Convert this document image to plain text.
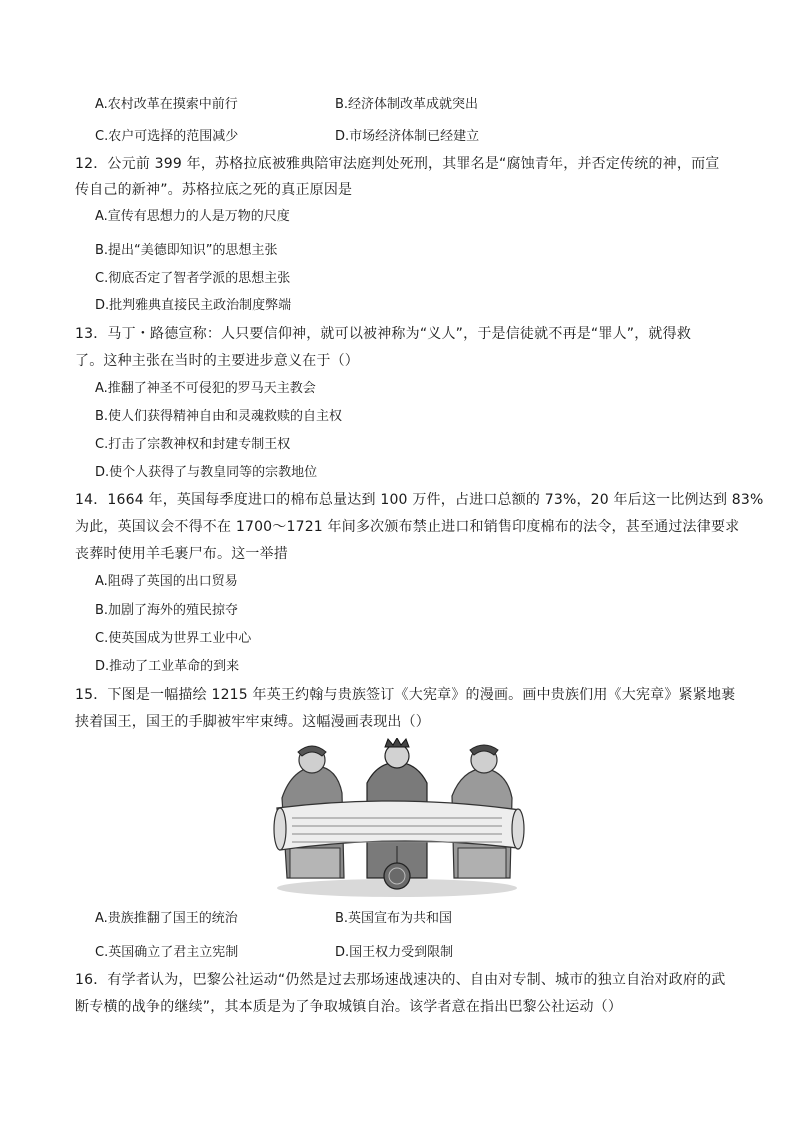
A.农村改革在摸索中前行	B.经济体制改革成就突出
C.农户可选择的范围减少	D.市场经济体制已经建立
12．公元前 399 年，苏格拉底被雅典陪审法庭判处死刑，其罪名是“腐蚀青年，并否定传统的神，而宣
传自己的新神”。苏格拉底之死的真正原因是
A.宣传有思想力的人是万物的尺度
B.提出“美德即知识”的思想主张
C.彻底否定了智者学派的思想主张
D.批判雅典直接民主政治制度弊端
13．马丁・路德宣称：人只要信仰神，就可以被神称为“义人”，于是信徒就不再是“罪人”，就得救
了。这种主张在当时的主要进步意义在于（）
A.推翻了神圣不可侵犯的罗马天主教会
B.使人们获得精神自由和灵魂救赎的自主权
C.打击了宗教神权和封建专制王权
D.使个人获得了与教皇同等的宗教地位
14．1664 年，英国每季度进口的棉布总量达到 100 万件，占进口总额的 73%，20 年后这一比例达到 83%
为此，英国议会不得不在 1700～1721 年间多次颁布禁止进口和销售印度棉布的法令，甚至通过法律要求
丧葬时使用羊毛裹尸布。这一举措
A.阻碍了英国的出口贸易
B.加剧了海外的殖民掠夺
C.使英国成为世界工业中心
D.推动了工业革命的到来
15．下图是一幅描绘 1215 年英王约翰与贵族签订《大宪章》的漫画。画中贵族们用《大宪章》紧紧地裹
挟着国王，国王的手脚被牢牢束缚。这幅漫画表现出（）
A.贵族推翻了国王的统治	B.英国宣布为共和国
C.英国确立了君主立宪制	D.国王权力受到限制
16．有学者认为，巴黎公社运动“仍然是过去那场速战速决的、自由对专制、城市的独立自治对政府的武
断专横的战争的继续”，其本质是为了争取城镇自治。该学者意在指出巴黎公社运动（）
